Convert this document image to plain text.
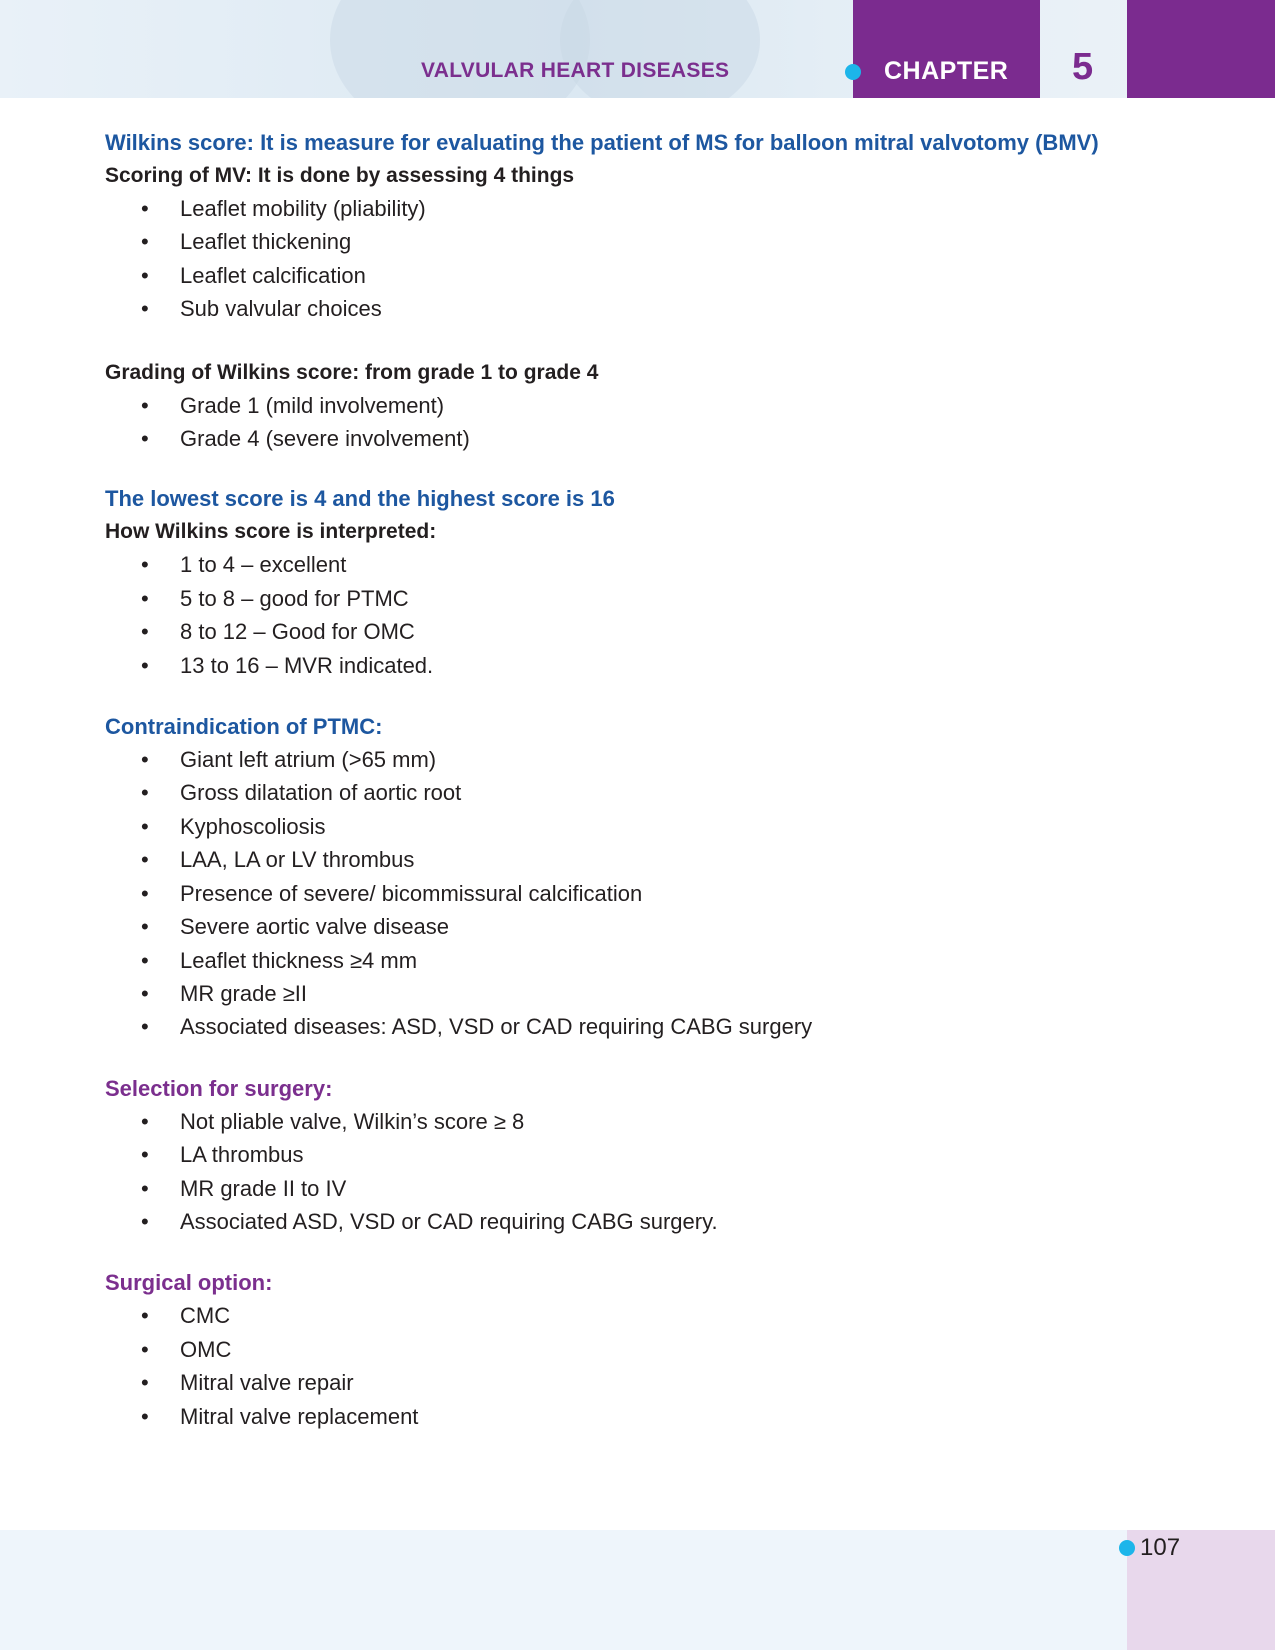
VALVULAR HEART DISEASES	CHAPTER 5

Wilkins score: It is measure for evaluating the patient of MS for balloon mitral valvotomy (BMV)

Scoring of MV: It is done by assessing 4 things

• Leaflet mobility (pliability)
• Leaflet thickening
• Leaflet calcification
• Sub valvular choices

Grading of Wilkins score: from grade 1 to grade 4

• Grade 1 (mild involvement)
• Grade 4 (severe involvement)

The lowest score is 4 and the highest score is 16

How Wilkins score is interpreted:

• 1 to 4 – excellent
• 5 to 8 – good for PTMC
• 8 to 12 – Good for OMC
• 13 to 16 – MVR indicated.

Contraindication of PTMC:

• Giant left atrium (>65 mm)
• Gross dilatation of aortic root
• Kyphoscoliosis
• LAA, LA or LV thrombus
• Presence of severe/ bicommissural calcification
• Severe aortic valve disease
• Leaflet thickness ≥4 mm
• MR grade ≥II
• Associated diseases: ASD, VSD or CAD requiring CABG surgery

Selection for surgery:

• Not pliable valve, Wilkin’s score ≥ 8
• LA thrombus
• MR grade II to IV
• Associated ASD, VSD or CAD requiring CABG surgery.

Surgical option:

• CMC
• OMC
• Mitral valve repair
• Mitral valve replacement
107
